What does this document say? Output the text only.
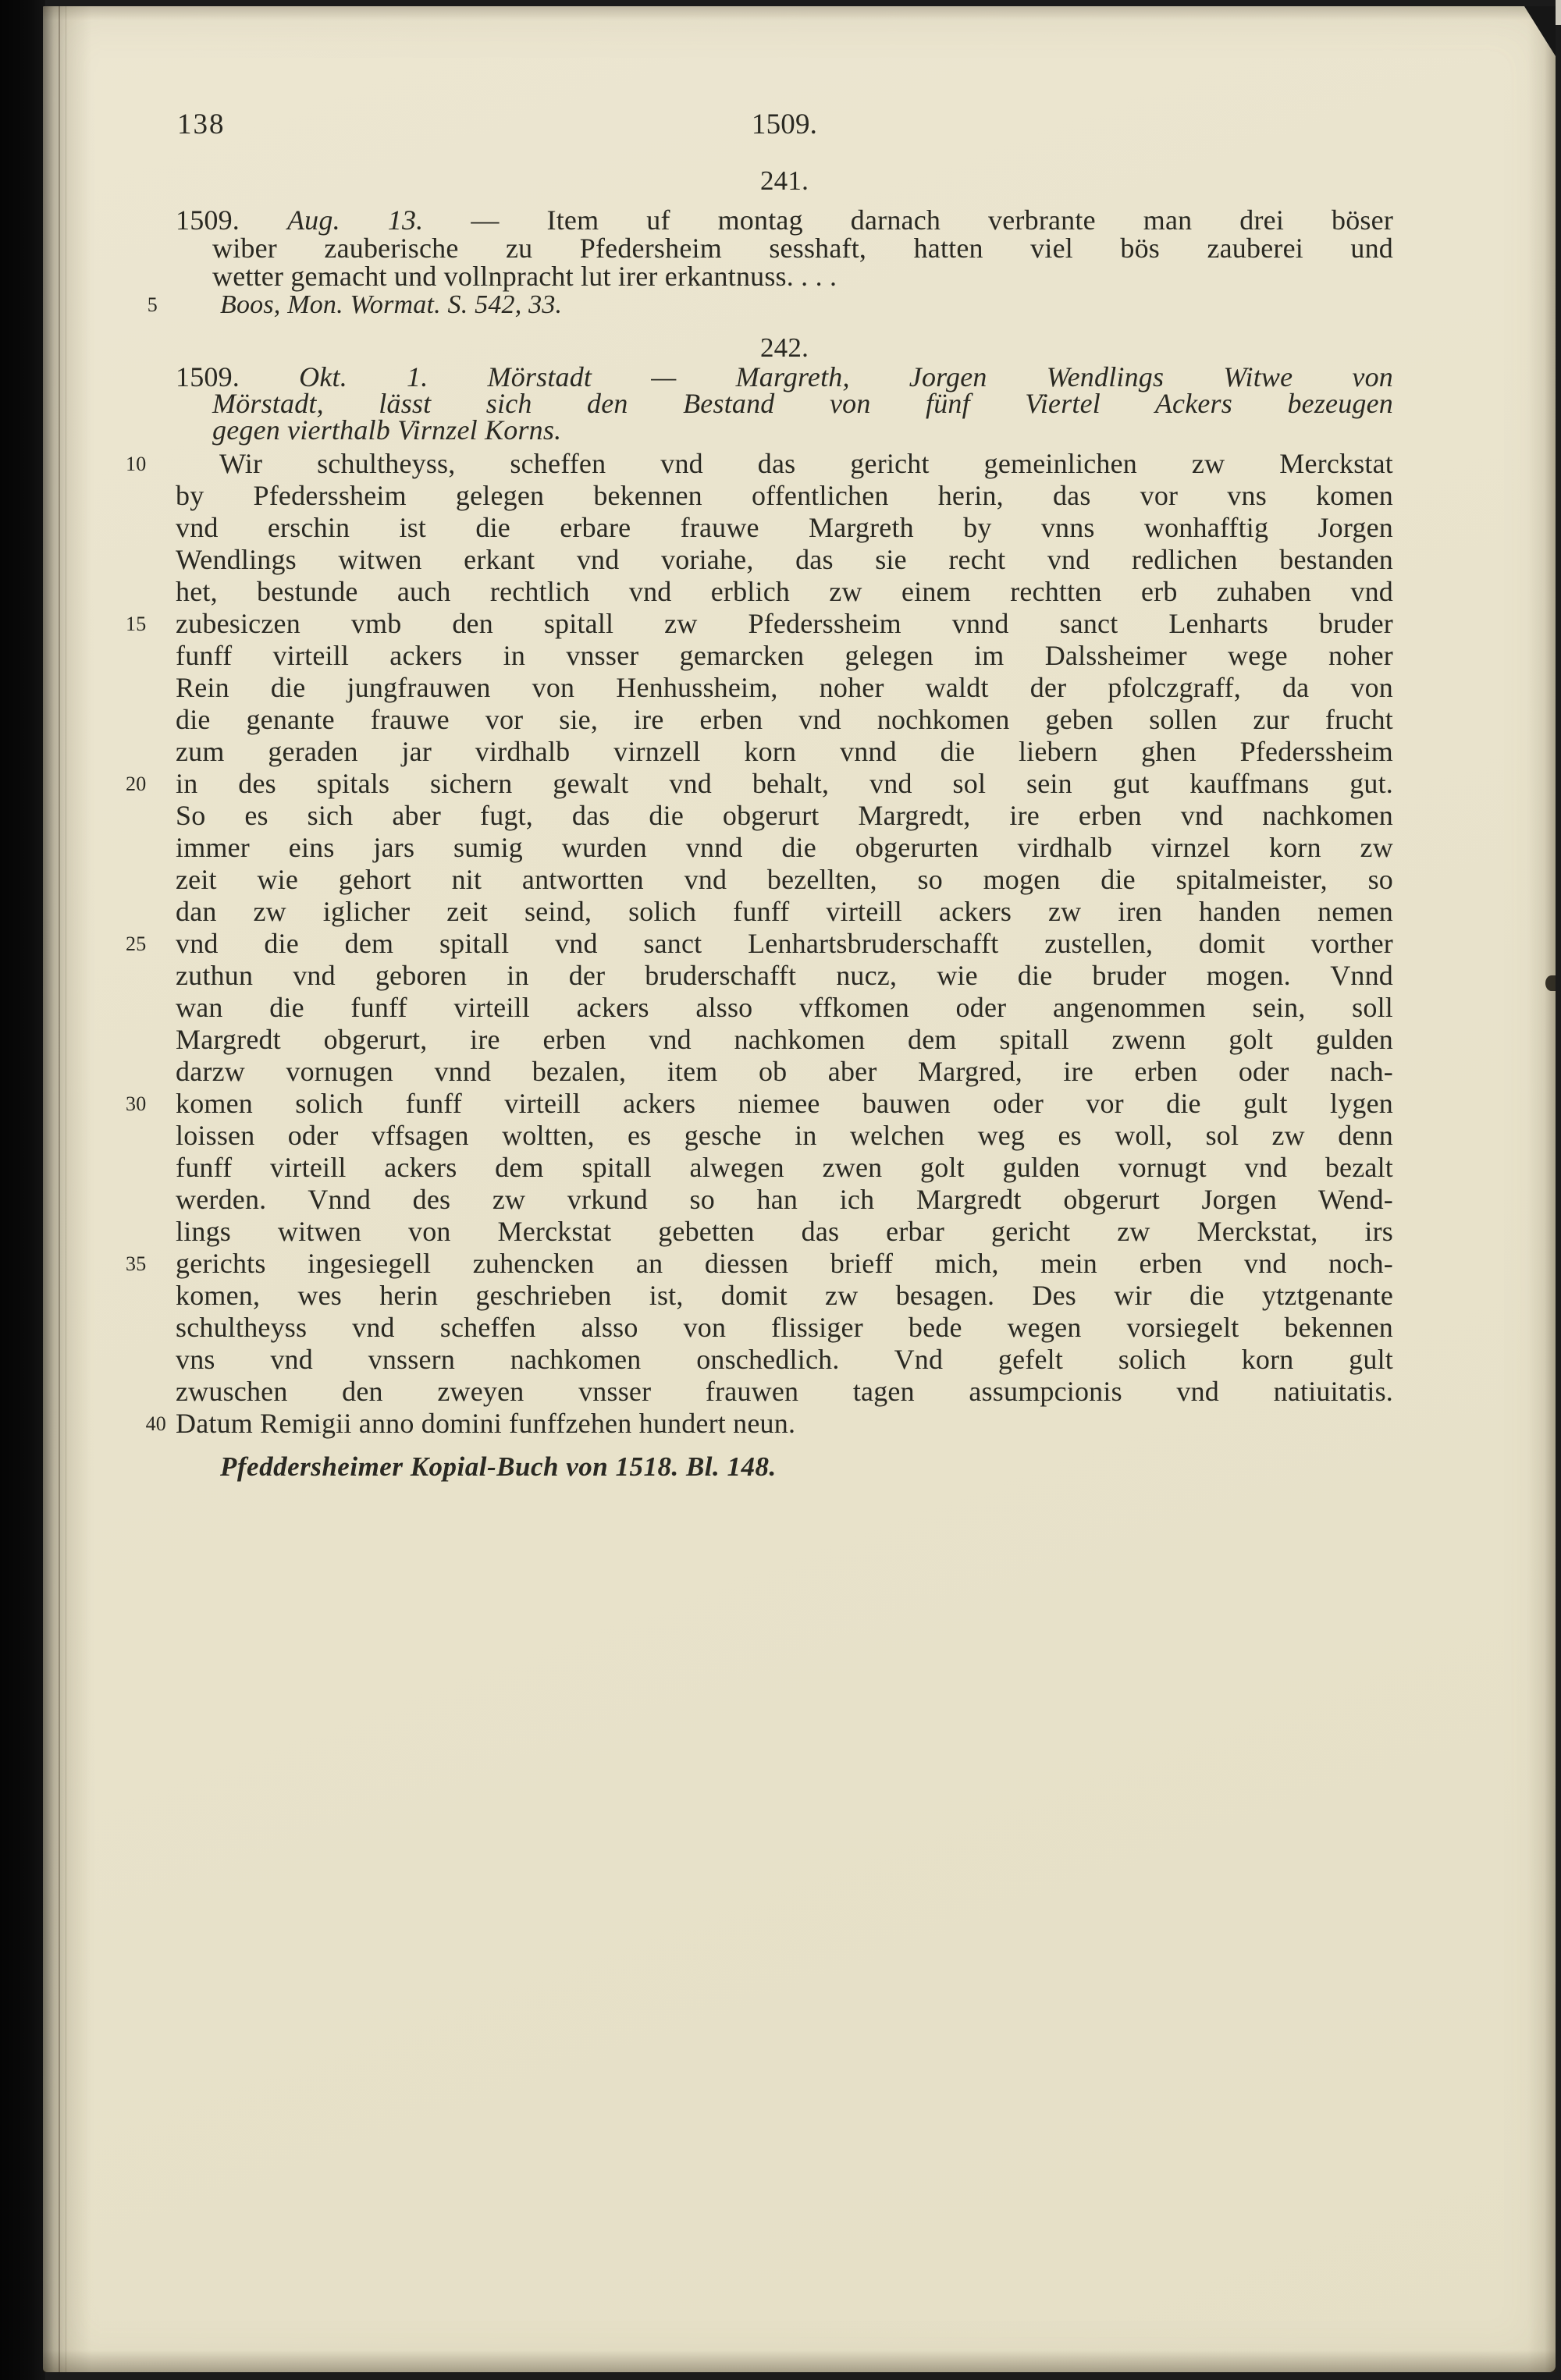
138	1509.
241.
1509. Aug. 13. — Item uf montag darnach verbrante man drei böser
wiber zauberische zu Pfedersheim sesshaft, hatten viel bös zauberei und
wetter gemacht und vollnpracht lut irer erkantnuss. . . .
5 Boos, Mon. Wormat. S. 542, 33.
242.
1509. Okt. 1. Mörstadt — Margreth, Jorgen Wendlings Witwe von
Mörstadt, lässt sich den Bestand von fünf Viertel Ackers bezeugen
gegen vierthalb Virnzel Korns.
10	Wir schultheyss, scheffen vnd das gericht gemeinlichen zw Merckstat
by Pfederssheim gelegen bekennen offentlichen herin, das vor vns komen
vnd erschin ist die erbare frauwe Margreth by vnns wonhafftig Jorgen
Wendlings witwen erkant vnd voriahe, das sie recht vnd redlichen bestanden
het, bestunde auch rechtlich vnd erblich zw einem rechtten erb zuhaben vnd
15	zubesiczen vmb den spitall zw Pfederssheim vnnd sanct Lenharts bruder
funff virteill ackers in vnsser gemarcken gelegen im Dalssheimer wege noher
Rein die jungfrauwen von Henhussheim, noher waldt der pfolczgraff, da von
die genante frauwe vor sie, ire erben vnd nochkomen geben sollen zur frucht
zum geraden jar virdhalb virnzell korn vnnd die liebern ghen Pfederssheim
20	in des spitals sichern gewalt vnd behalt, vnd sol sein gut kauffmans gut.
So es sich aber fugt, das die obgerurt Margredt, ire erben vnd nachkomen
immer eins jars sumig wurden vnnd die obgerurten virdhalb virnzel korn zw
zeit wie gehort nit antwortten vnd bezellten, so mogen die spitalmeister, so
dan zw iglicher zeit seind, solich funff virteill ackers zw iren handen nemen
25	vnd die dem spitall vnd sanct Lenhartsbruderschafft zustellen, domit vorther
zuthun vnd geboren in der bruderschafft nucz, wie die bruder mogen. Vnnd
wan die funff virteill ackers alsso vffkomen oder angenommen sein, soll
Margredt obgerurt, ire erben vnd nachkomen dem spitall zwenn golt gulden
darzw vornugen vnnd bezalen, item ob aber Margred, ire erben oder nach-
30	komen solich funff virteill ackers niemee bauwen oder vor die gult lygen
loissen oder vffsagen woltten, es gesche in welchen weg es woll, sol zw denn
funff virteill ackers dem spitall alwegen zwen golt gulden vornugt vnd bezalt
werden. Vnnd des zw vrkund so han ich Margredt obgerurt Jorgen Wend-
lings witwen von Merckstat gebetten das erbar gericht zw Merckstat, irs
35	gerichts ingesiegell zuhencken an diessen brieff mich, mein erben vnd noch-
komen, wes herin geschrieben ist, domit zw besagen. Des wir die ytztgenante
schultheyss vnd scheffen alsso von flissiger bede wegen vorsiegelt bekennen
vns vnd vnssern nachkomen onschedlich. Vnd gefelt solich korn gult
zwuschen den zweyen vnsser frauwen tagen assumpcionis vnd natiuitatis.
40 Datum Remigii anno domini funffzehen hundert neun.
Pfeddersheimer Kopial-Buch von 1518. Bl. 148.
